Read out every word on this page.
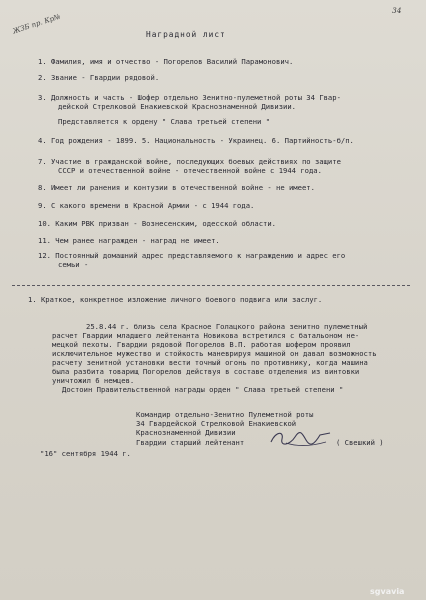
ЖЗБ пр. Кр№
34
Наградной лист
1. Фамилия, имя и отчество - Погорелов Василий Парамонович.
2. Звание - Гвардии рядовой.
3. Должность и часть - Шофер отдельно Зенитно-пулеметной роты 34 Гвар-
дейской Стрелковой Енакиевской Краснознаменной Дивизии.
Представляется к ордену " Слава третьей степени "
4. Год рождения - 1899. 5. Национальность - Украинец. 6. Партийность-б/п.
7. Участие в гражданской войне, последующих боевых действиях по защите
СССР и отечественной войне - отечественной войне с 1944 года.
8. Имеет ли ранения и контузии в отечественной войне - не имеет.
9. С какого времени в Красной Армии - с 1944 года.
10. Каким РВК призван - Вознесенским, одесской области.
11. Чем ранее награжден - наград не имеет.
12. Постоянный домашний адрес представляемого к награждению и адрес его
семьи -
1. Краткое, конкретное изложение личного боевого подвига или заслуг.
25.8.44 г. близь села Красное Голацкого района зенитно пулеметный
расчет Гвардии младшего лейтенанта Новикова встретился с батальоном не-
мецкой пехоты. Гвардии рядовой Погорелов В.П. работая шофером проявил
исключительное мужество и стойкость маневрируя машиной он давал возможность
расчету зенитной установки вести точный огонь по противнику, когда машина
была разбита товарищ Погорелов действуя в составе отделения из винтовки
уничтожил 6 немцев.
Достоин Правительственной награды орден " Слава третьей степени "
Командир отдельно-Зенитно Пулеметной роты
34 Гвардейской Стрелковой Енакиевской
Краснознаменной Дивизии
Гвардии старший лейтенант	( Свешкий )
"16" сентября 1944 г.
sgvavia
